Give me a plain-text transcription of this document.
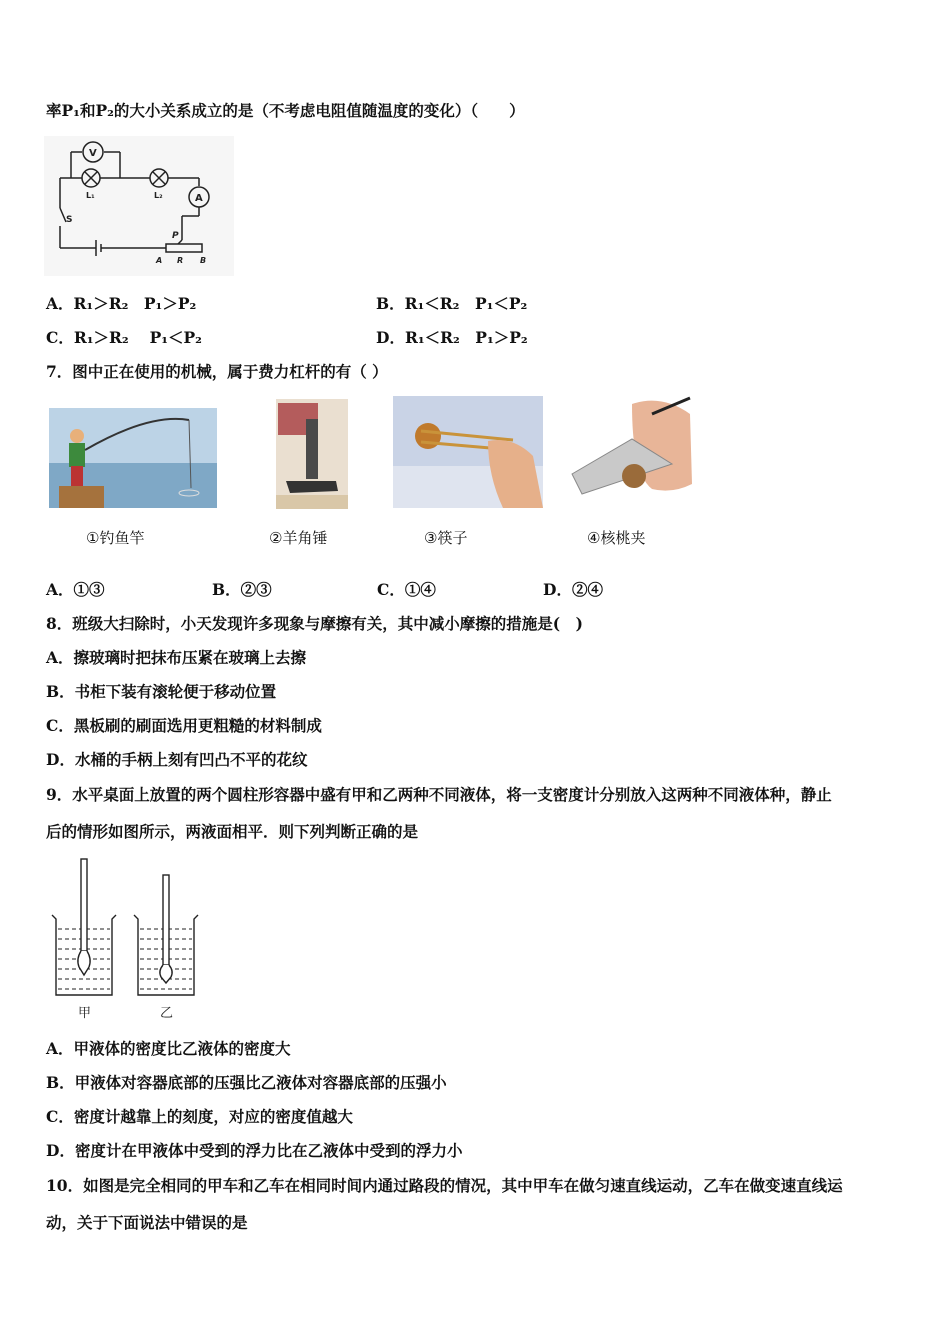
率P₁和P₂的大小关系成立的是（不考虑电阻值随温度的变化）（　　）
V
A
L₁	L₂
S
P
A R B
A．R₁＞R₂　P₁＞P₂	B．R₁＜R₂　P₁＜P₂
C．R₁＞R₂　 P₁＜P₂	D．R₁＜R₂　P₁＞P₂
7．图中正在使用的机械，属于费力杠杆的有（ ）
①钓鱼竿	②羊角锤	③筷子	④核桃夹
A．①③	B．②③	C．①④	D．②④
8．班级大扫除时，小天发现许多现象与摩擦有关，其中减小摩擦的措施是(　)
A．擦玻璃时把抹布压紧在玻璃上去擦
B．书柜下装有滚轮便于移动位置
C．黑板刷的刷面选用更粗糙的材料制成
D．水桶的手柄上刻有凹凸不平的花纹
9．水平桌面上放置的两个圆柱形容器中盛有甲和乙两种不同液体，将一支密度计分别放入这两种不同液体种，静止
后的情形如图所示，两液面相平．则下列判断正确的是
甲	乙
A．甲液体的密度比乙液体的密度大
B．甲液体对容器底部的压强比乙液体对容器底部的压强小
C．密度计越靠上的刻度，对应的密度值越大
D．密度计在甲液体中受到的浮力比在乙液体中受到的浮力小
10．如图是完全相同的甲车和乙车在相同时间内通过路段的情况，其中甲车在做匀速直线运动，乙车在做变速直线运
动，关于下面说法中错误的是
